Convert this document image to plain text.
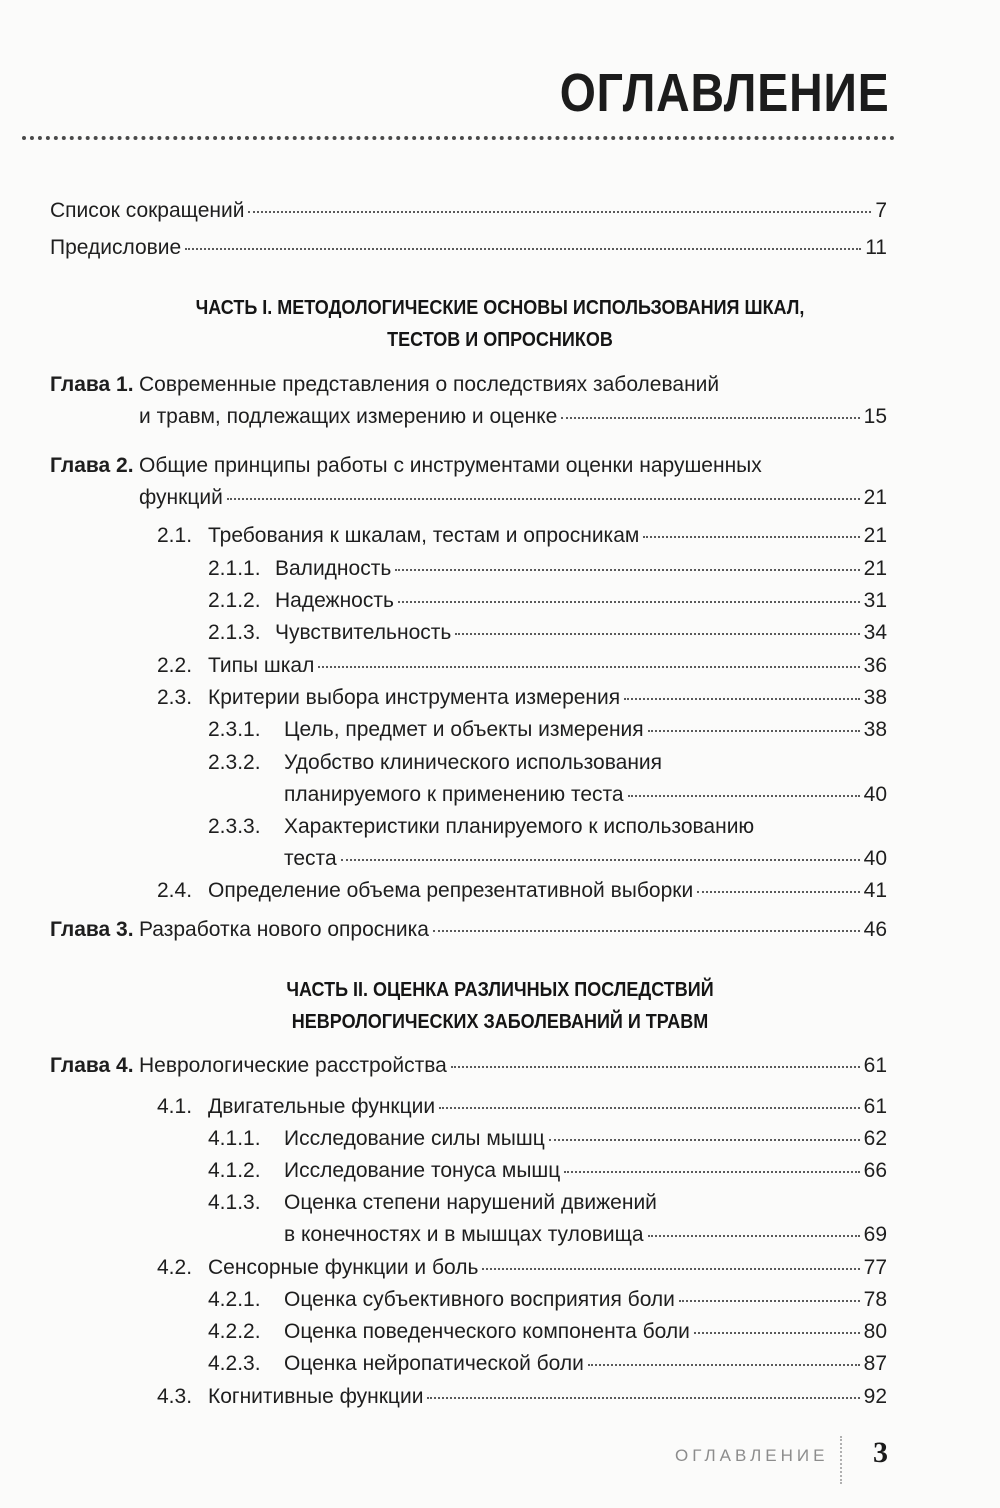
ОГЛАВЛЕНИЕ
Список сокращений	7
Предисловие	11
ЧАСТЬ I. МЕТОДОЛОГИЧЕСКИЕ ОСНОВЫ ИСПОЛЬЗОВАНИЯ ШКАЛ,
ТЕСТОВ И ОПРОСНИКОВ
Глава 1. Современные представления о последствиях заболеваний
и травм, подлежащих измерению и оценке	15
Глава 2. Общие принципы работы с инструментами оценки нарушенных
функций	21
2.1. Требования к шкалам, тестам и опросникам	21
2.1.1. Валидность	21
2.1.2. Надежность	31
2.1.3. Чувствительность	34
2.2. Типы шкал	36
2.3. Критерии выбора инструмента измерения	38
2.3.1. Цель, предмет и объекты измерения	38
2.3.2. Удобство клинического использования
планируемого к применению теста	40
2.3.3. Характеристики планируемого к использованию
теста	40
2.4. Определение объема репрезентативной выборки	41
Глава 3. Разработка нового опросника	46
ЧАСТЬ II. ОЦЕНКА РАЗЛИЧНЫХ ПОСЛЕДСТВИЙ
НЕВРОЛОГИЧЕСКИХ ЗАБОЛЕВАНИЙ И ТРАВМ
Глава 4. Неврологические расстройства	61
4.1. Двигательные функции	61
4.1.1. Исследование силы мышц	62
4.1.2. Исследование тонуса мышц	66
4.1.3. Оценка степени нарушений движений
в конечностях и в мышцах туловища	69
4.2. Сенсорные функции и боль	77
4.2.1. Оценка субъективного восприятия боли	78
4.2.2. Оценка поведенческого компонента боли	80
4.2.3. Оценка нейропатической боли	87
4.3. Когнитивные функции	92
ОГЛАВЛЕНИЕ 3
